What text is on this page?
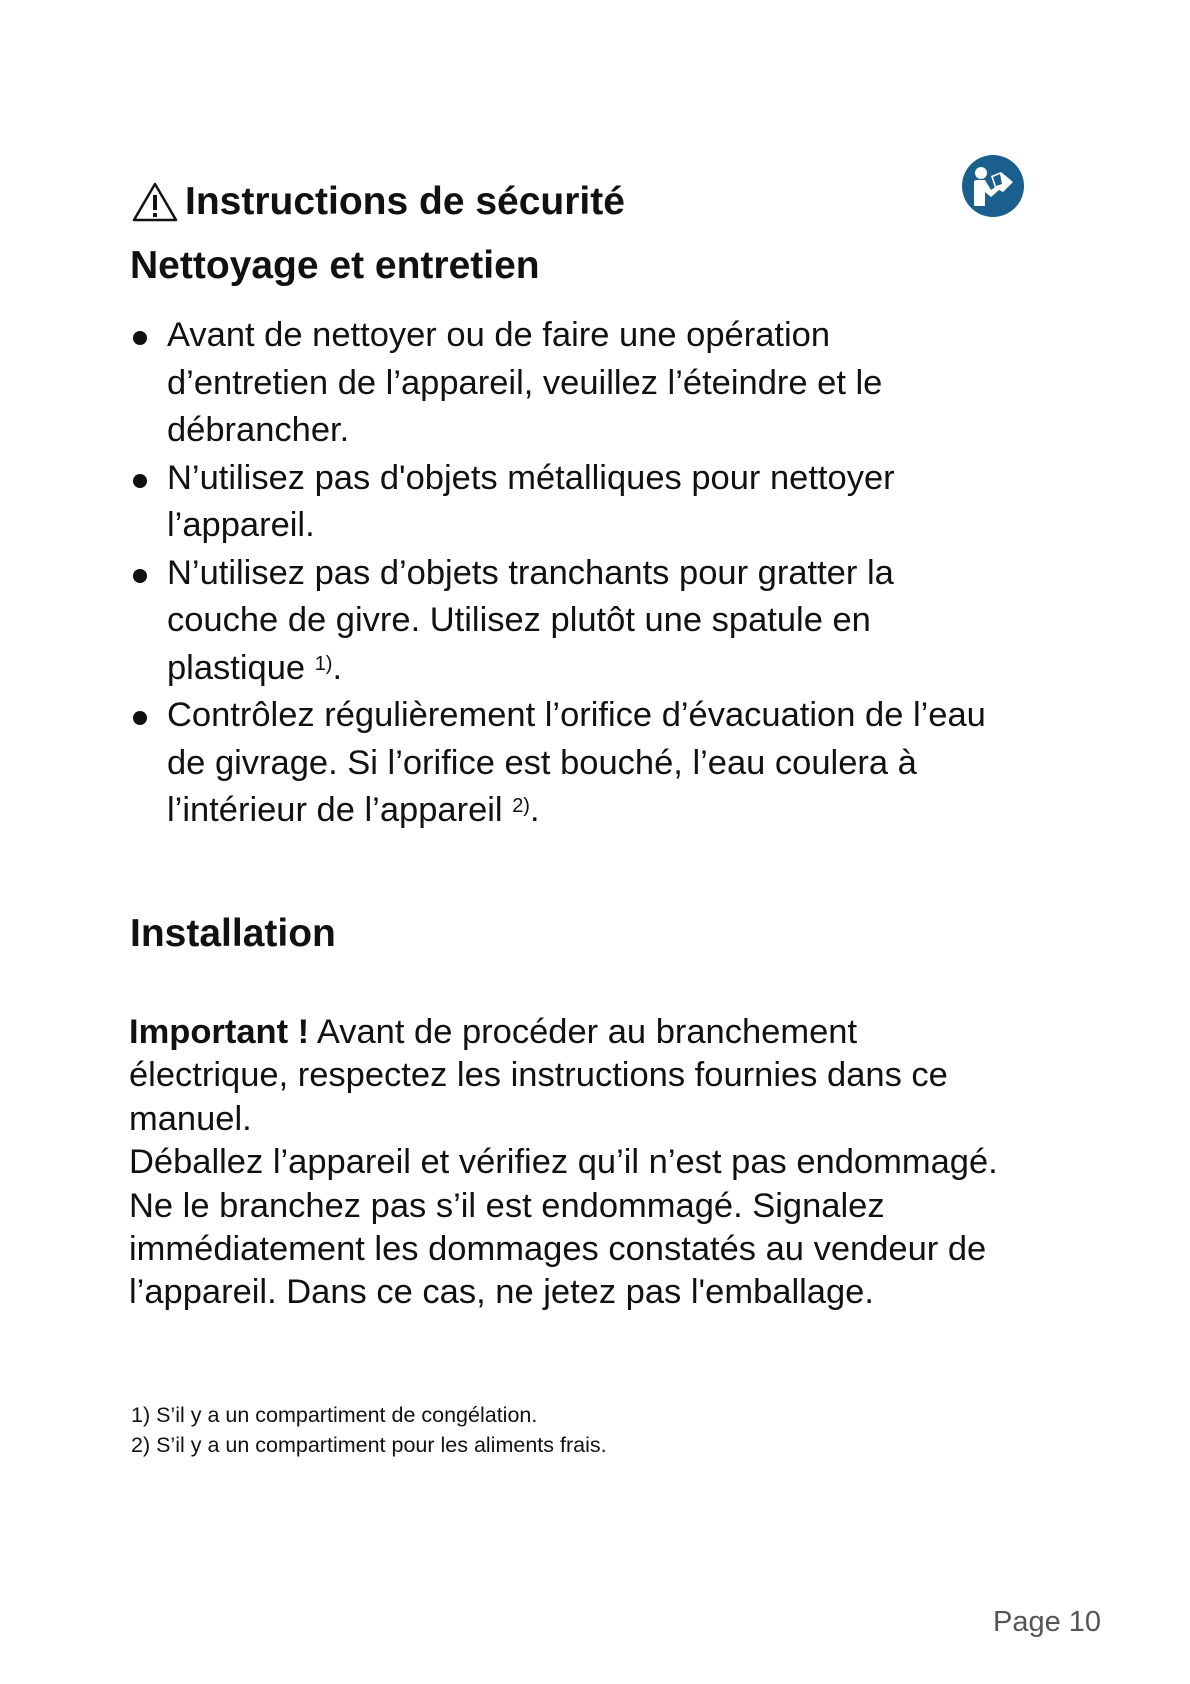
Instructions de sécurité
Nettoyage et entretien
Avant de nettoyer ou de faire une opération d’entretien de l’appareil, veuillez l’éteindre et le débrancher.
N’utilisez pas d'objets métalliques pour nettoyer l’appareil.
N’utilisez pas d’objets tranchants pour gratter la couche de givre. Utilisez plutôt une spatule en plastique $^{1)}$.
Contrôlez régulièrement l’orifice d’évacuation de l’eau de givrage. Si l’orifice est bouché, l’eau coulera à l’intérieur de l’appareil $^{2)}$.
Installation
Important ! Avant de procéder au branchement électrique, respectez les instructions fournies dans ce manuel.
Déballez l’appareil et vérifiez qu’il n’est pas endommagé. Ne le branchez pas s’il est endommagé. Signalez immédiatement les dommages constatés au vendeur de l’appareil. Dans ce cas, ne jetez pas l'emballage.
1) S’il y a un compartiment de congélation.
2) S’il y a un compartiment pour les aliments frais.
Page 10
